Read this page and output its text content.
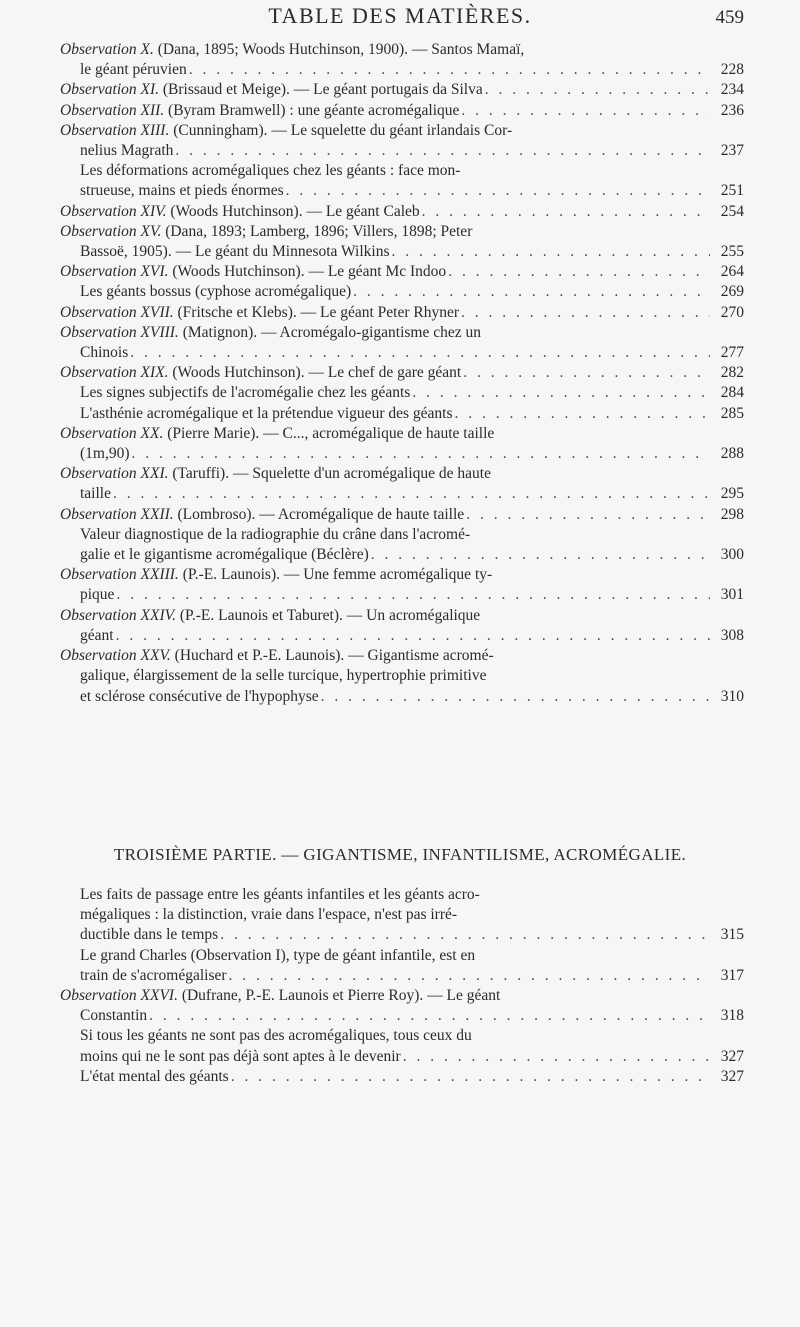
TABLE DES MATIÈRES.	459
Observation X. (Dana, 1895; Woods Hutchinson, 1900). — Santos Mamaï,
le géant péruvien . . .	228
Observation XI. (Brissaud et Meige). — Le géant portugais da Silva . . .	234
Observation XII. (Byram Bramwell) : une géante acromégalique . . .	236
Observation XIII. (Cunningham). — Le squelette du géant irlandais Cor-
nelius Magrath . . .	237
Les déformations acromégaliques chez les géants : face mon-
strueuse, mains et pieds énormes . . .	251
Observation XIV. (Woods Hutchinson). — Le géant Caleb . . .	254
Observation XV. (Dana, 1893; Lamberg, 1896; Villers, 1898; Peter
Bassoë, 1905). — Le géant du Minnesota Wilkins . . .	255
Observation XVI. (Woods Hutchinson). — Le géant Mc Indoo . . .	264
Les géants bossus (cyphose acromégalique) . . .	269
Observation XVII. (Fritsche et Klebs). — Le géant Peter Rhyner . . .	270
Observation XVIII. (Matignon). — Acromégalo-gigantisme chez un
Chinois . . .	277
Observation XIX. (Woods Hutchinson). — Le chef de gare géant . . .	282
Les signes subjectifs de l'acromégalie chez les géants . . .	284
L'asthénie acromégalique et la prétendue vigueur des géants . . .	285
Observation XX. (Pierre Marie). — C..., acromégalique de haute taille
(1m,90) . . .	288
Observation XXI. (Taruffi). — Squelette d'un acromégalique de haute
taille . . .	295
Observation XXII. (Lombroso). — Acromégalique de haute taille . . .	298
Valeur diagnostique de la radiographie du crâne dans l'acromé-
galie et le gigantisme acromégalique (Béclère) . . .	300
Observation XXIII. (P.-E. Launois). — Une femme acromégalique ty-
pique . . .	301
Observation XXIV. (P.-E. Launois et Taburet). — Un acromégalique
géant . . .	308
Observation XXV. (Huchard et P.-E. Launois). — Gigantisme acromé-
galique, élargissement de la selle turcique, hypertrophie primitive
et sclérose consécutive de l'hypophyse . . .	310
TROISIÈME PARTIE. — GIGANTISME, INFANTILISME, ACROMÉGALIE.
Les faits de passage entre les géants infantiles et les géants acro-
mégaliques : la distinction, vraie dans l'espace, n'est pas irré-
ductible dans le temps . . .	315
Le grand Charles (Observation I), type de géant infantile, est en
train de s'acromégaliser . . .	317
Observation XXVI. (Dufrane, P.-E. Launois et Pierre Roy). — Le géant
Constantin . . .	318
Si tous les géants ne sont pas des acromégaliques, tous ceux du
moins qui ne le sont pas déjà sont aptes à le devenir . . .	327
L'état mental des géants . . .	327
